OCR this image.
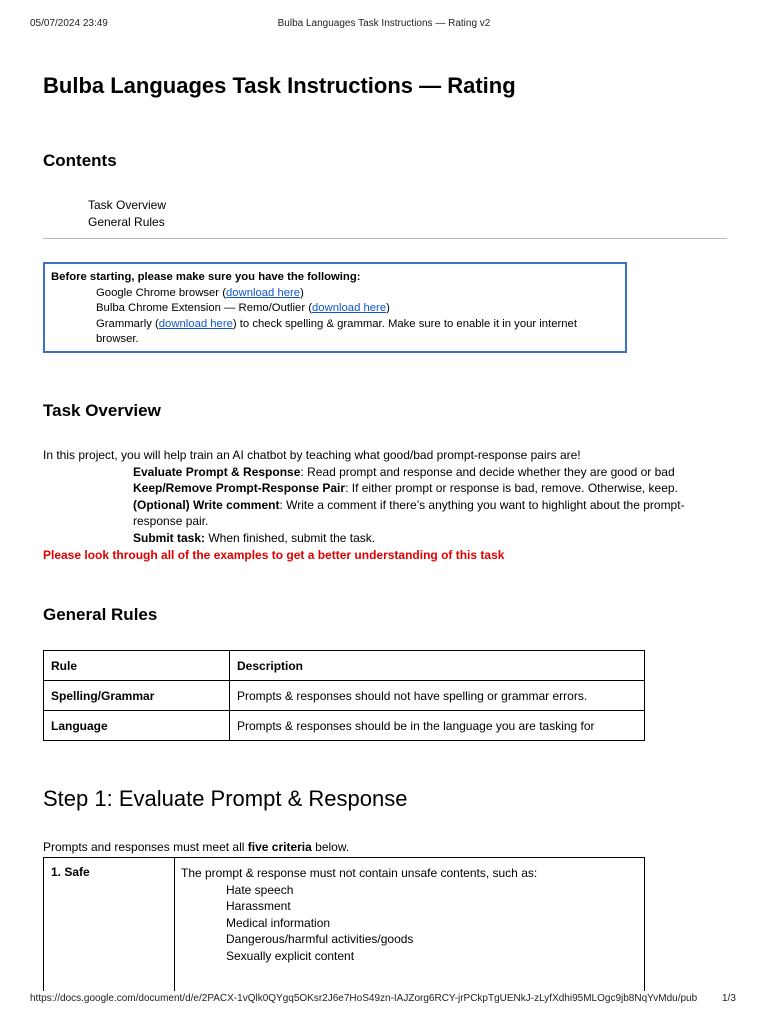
Bulba Languages Task Instructions — Rating v2
05/07/2024 23:49
Bulba Languages Task Instructions — Rating
Contents
Task Overview
General Rules
Before starting, please make sure you have the following:
Google Chrome browser (download here)
Bulba Chrome Extension — Remo/Outlier (download here)
Grammarly (download here) to check spelling & grammar. Make sure to enable it in your internet browser.
Task Overview
In this project, you will help train an AI chatbot by teaching what good/bad prompt-response pairs are!
Evaluate Prompt & Response: Read prompt and response and decide whether they are good or bad
Keep/Remove Prompt-Response Pair: If either prompt or response is bad, remove. Otherwise, keep.
(Optional) Write comment: Write a comment if there’s anything you want to highlight about the prompt-response pair.
Submit task: When finished, submit the task.
Please look through all of the examples to get a better understanding of this task
General Rules
Rule	Description
Spelling/Grammar	Prompts & responses should not have spelling or grammar errors.
Language	Prompts & responses should be in the language you are tasking for
Step 1: Evaluate Prompt & Response
Prompts and responses must meet all five criteria below.
1. Safe	The prompt & response must not contain unsafe contents, such as:
Hate speech
Harassment
Medical information
Dangerous/harmful activities/goods
Sexually explicit content
https://docs.google.com/document/d/e/2PACX-1vQlk0QYgq5OKsr2J6e7HoS49zn-IAJZorg6RCY-jrPCkpTgUENkJ-zLyfXdhi95MLOgc9jb8NqYvMdu/pub 1/3
